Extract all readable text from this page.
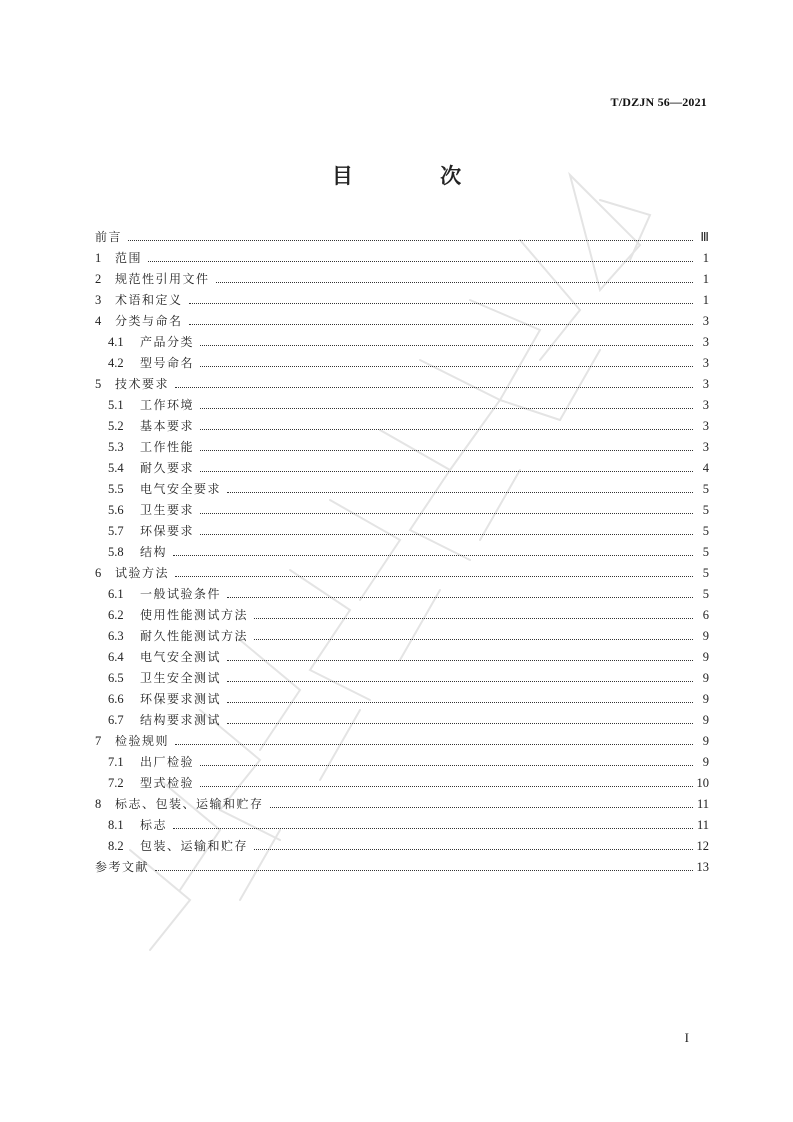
T/DZJN 56—2021
目 次
前言	Ⅲ
1	范围	1
2	规范性引用文件	1
3	术语和定义	1
4	分类与命名	3
4.1	产品分类	3
4.2	型号命名	3
5	技术要求	3
5.1	工作环境	3
5.2	基本要求	3
5.3	工作性能	3
5.4	耐久要求	4
5.5	电气安全要求	5
5.6	卫生要求	5
5.7	环保要求	5
5.8	结构	5
6	试验方法	5
6.1	一般试验条件	5
6.2	使用性能测试方法	6
6.3	耐久性能测试方法	9
6.4	电气安全测试	9
6.5	卫生安全测试	9
6.6	环保要求测试	9
6.7	结构要求测试	9
7	检验规则	9
7.1	出厂检验	9
7.2	型式检验	10
8	标志、包装、运输和贮存	11
8.1	标志	11
8.2	包装、运输和贮存	12
参考文献	13
I
